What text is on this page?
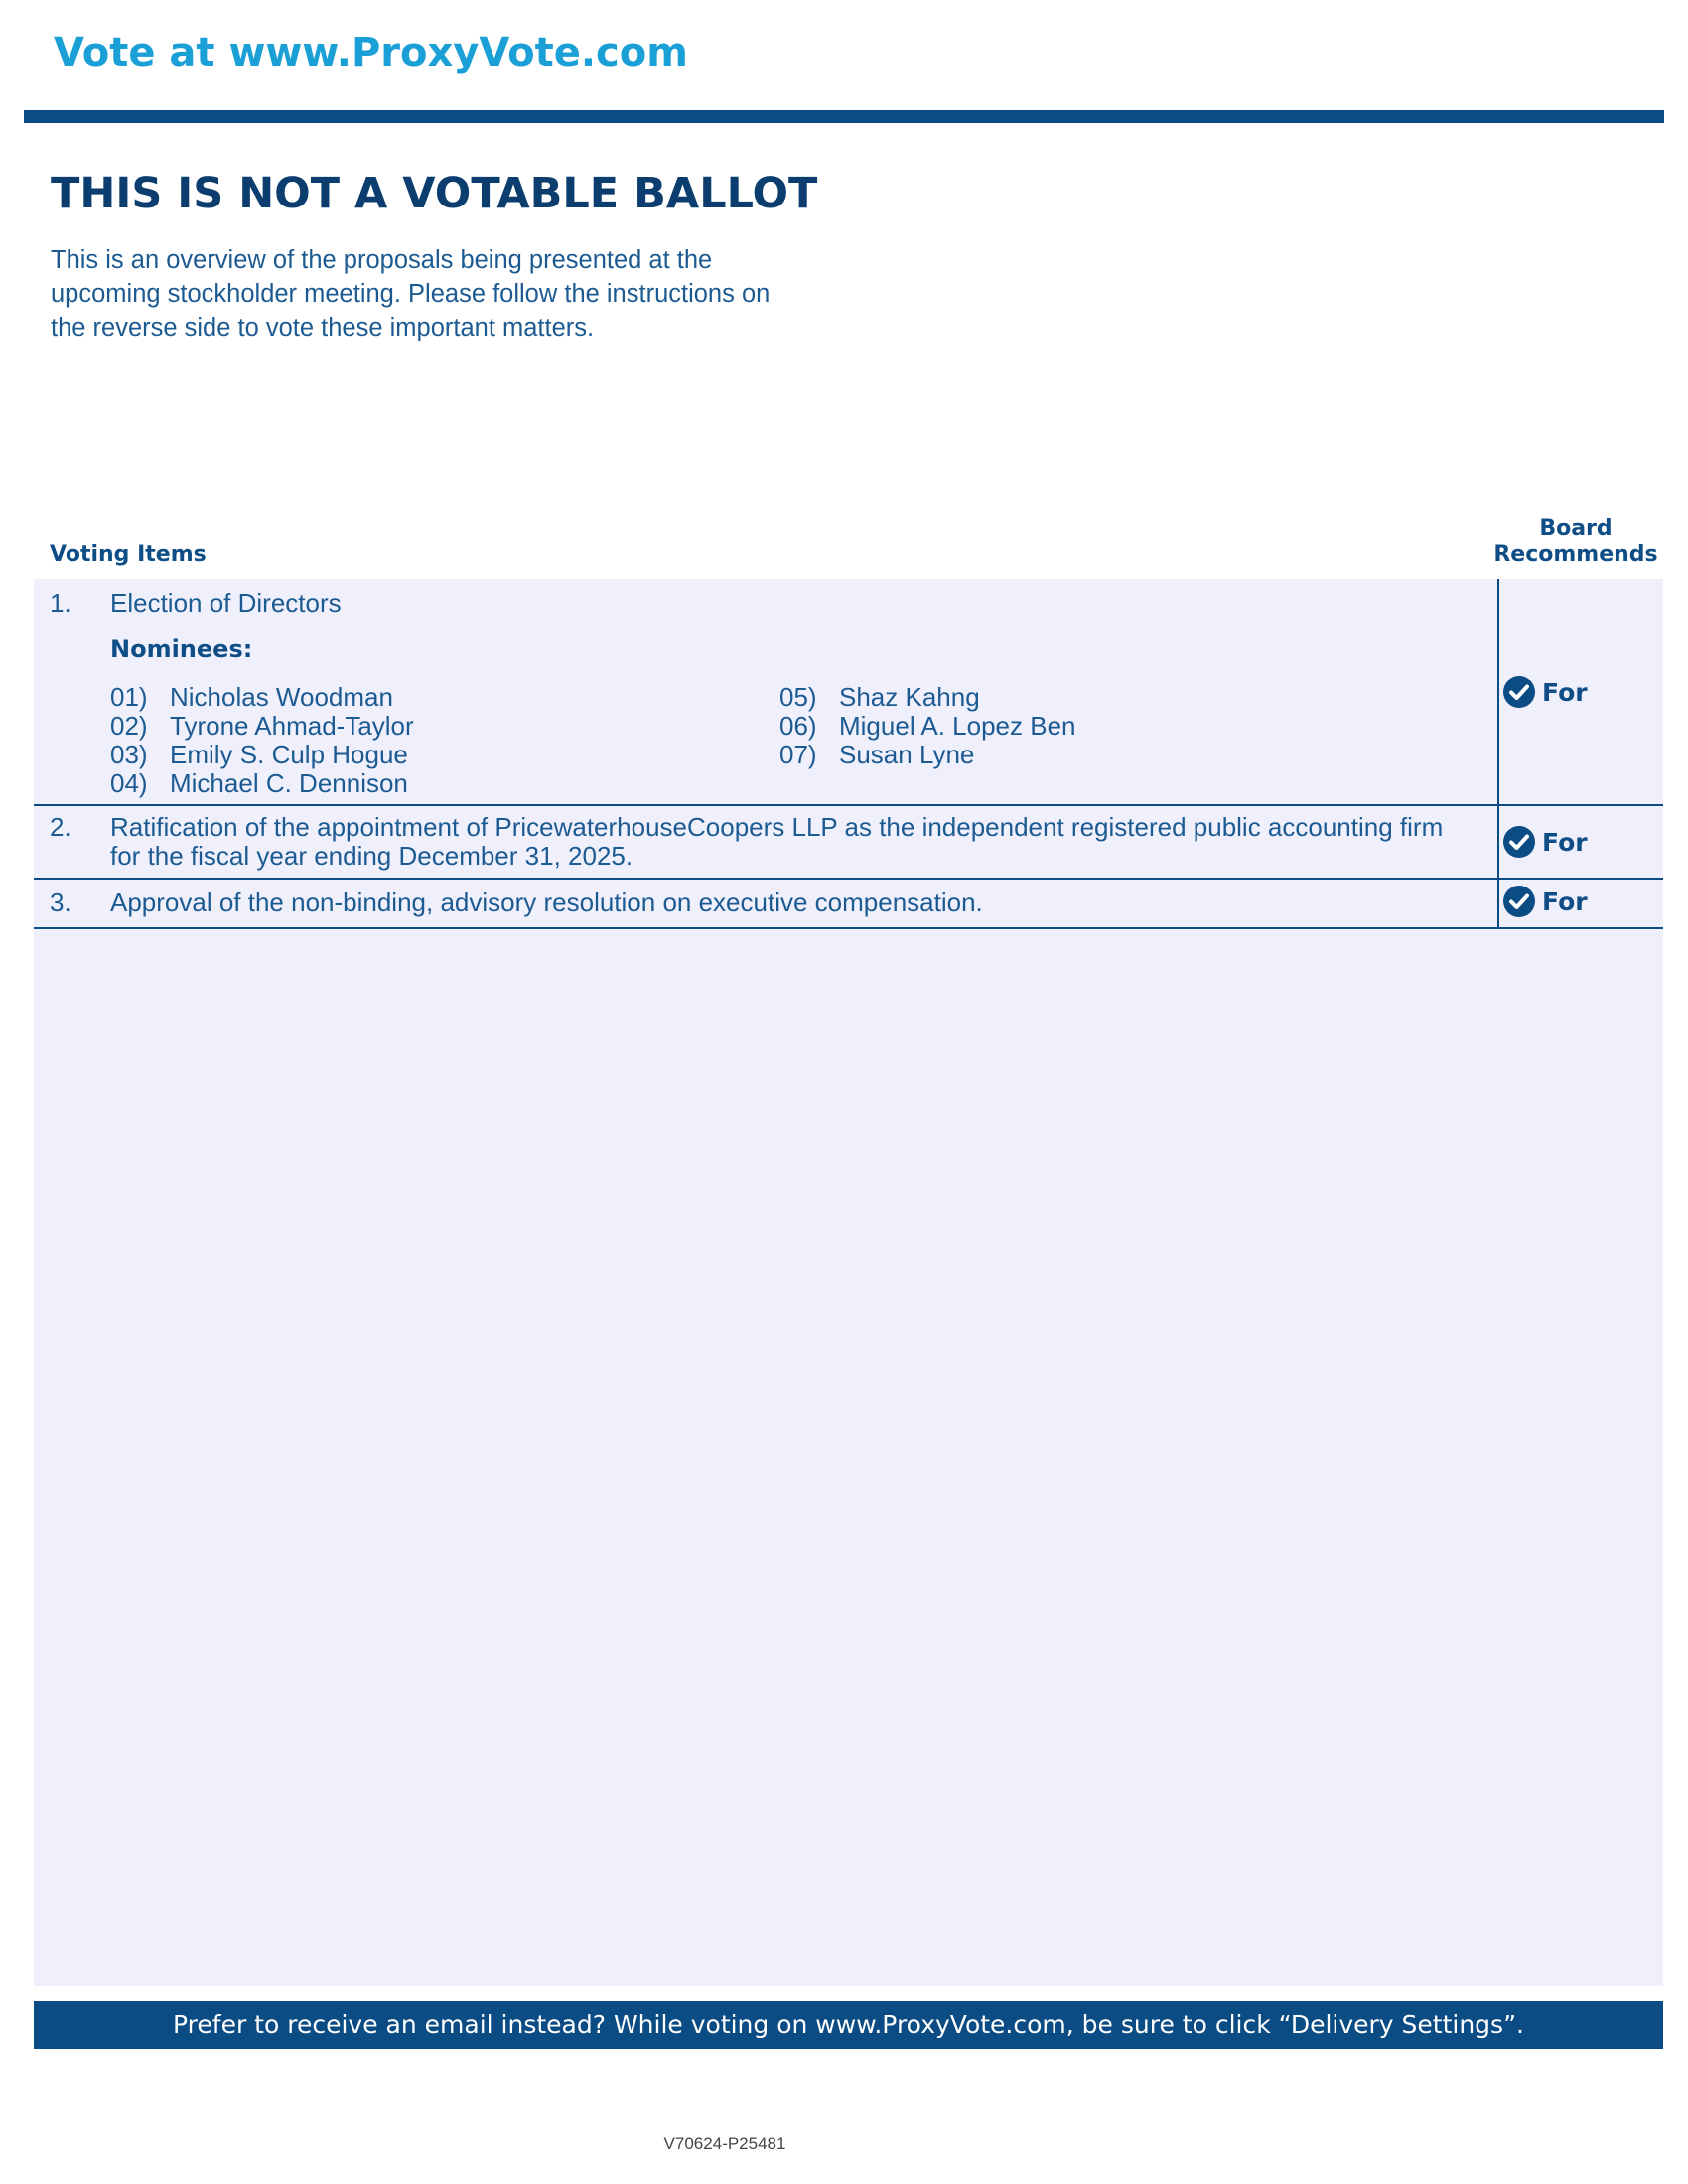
Vote at www.ProxyVote.com
THIS IS NOT A VOTABLE BALLOT
This is an overview of the proposals being presented at the
upcoming stockholder meeting. Please follow the instructions on
the reverse side to vote these important matters.
Voting Items
Board
Recommends
1. Election of Directors
Nominees:
01) Nicholas Woodman
02) Tyrone Ahmad-Taylor
03) Emily S. Culp Hogue
04) Michael C. Dennison
05) Shaz Kahng
06) Miguel A. Lopez Ben
07) Susan Lyne
For
2. Ratification of the appointment of PricewaterhouseCoopers LLP as the independent registered public accounting firm
for the fiscal year ending December 31, 2025.	For
3. Approval of the non-binding, advisory resolution on executive compensation.	For
Prefer to receive an email instead? While voting on www.ProxyVote.com, be sure to click “Delivery Settings”.
V70624-P25481
